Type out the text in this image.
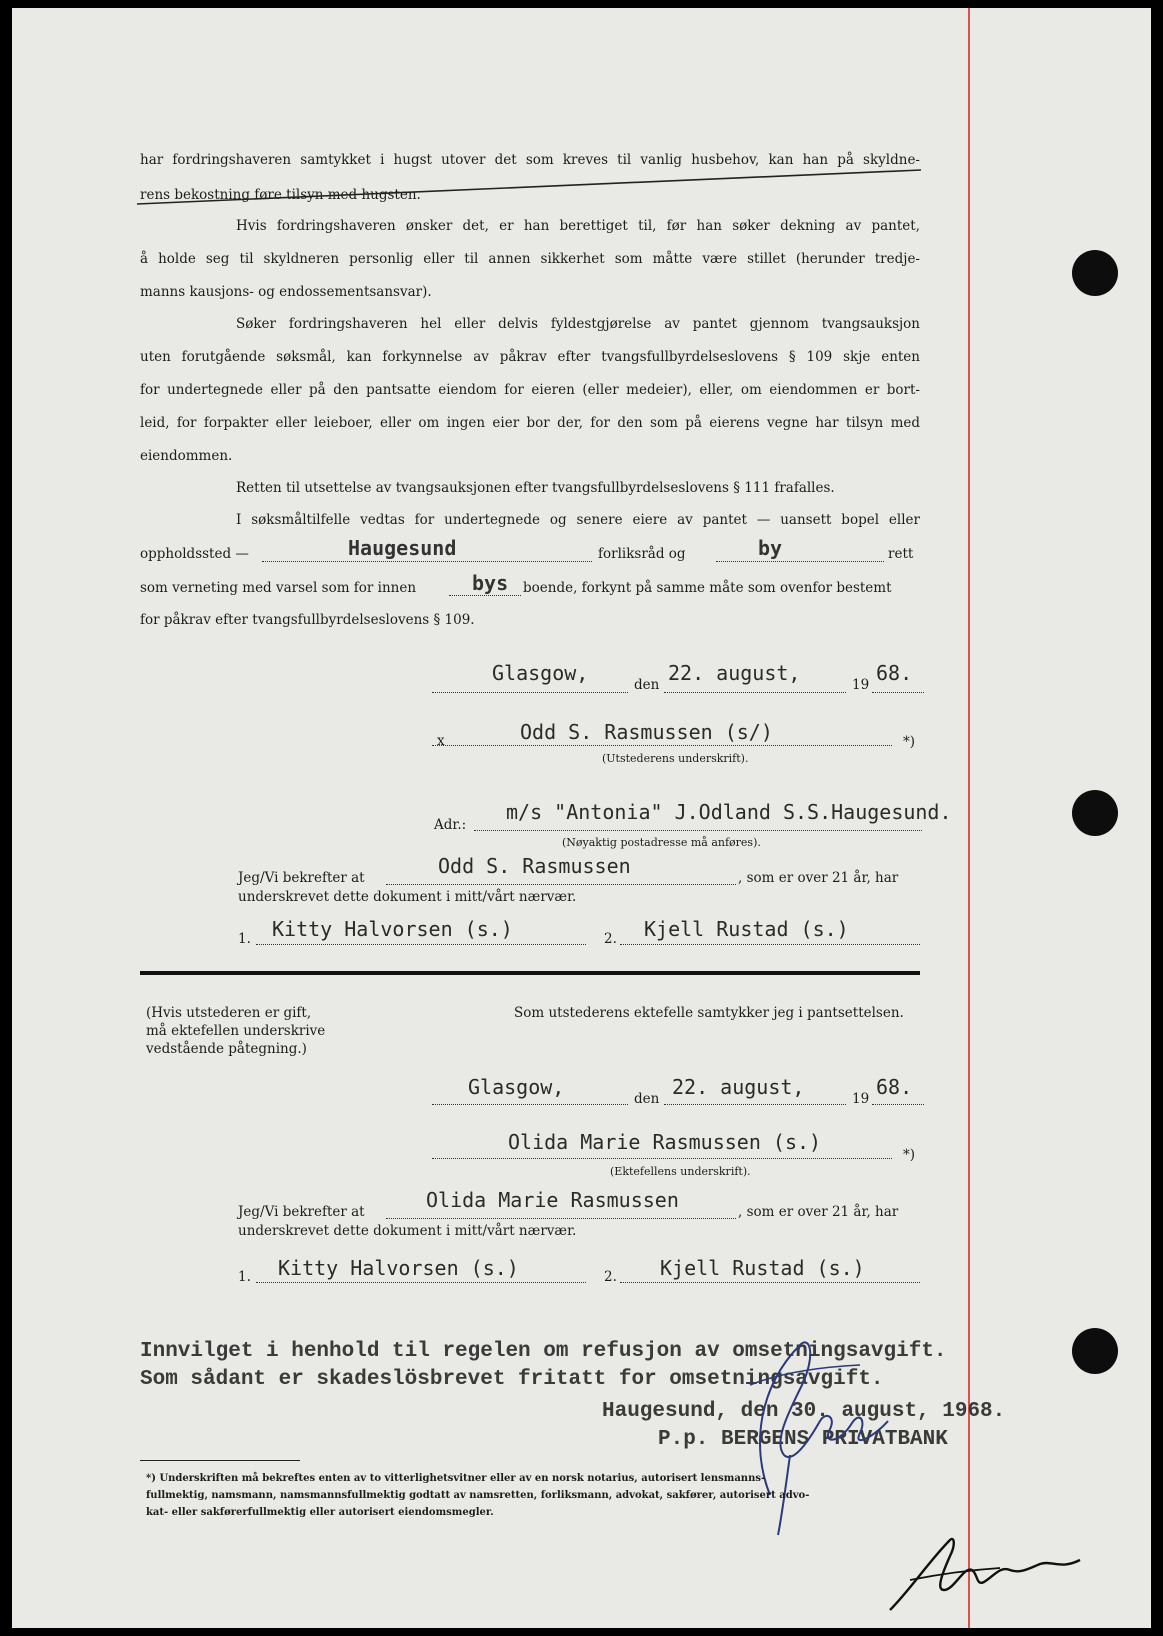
har fordringshaveren samtykket i hugst utover det som kreves til vanlig husbehov, kan han på skyldne-
rens bekostning føre tilsyn med hugsten.
Hvis fordringshaveren ønsker det, er han berettiget til, før han søker dekning av pantet,
å holde seg til skyldneren personlig eller til annen sikkerhet som måtte være stillet (herunder tredje-
manns kausjons- og endossementsansvar).
Søker fordringshaveren hel eller delvis fyldestgjørelse av pantet gjennom tvangsauksjon
uten forutgående søksmål, kan forkynnelse av påkrav efter tvangsfullbyrdelseslovens § 109 skje enten
for undertegnede eller på den pantsatte eiendom for eieren (eller medeier), eller, om eiendommen er bort-
leid, for forpakter eller leieboer, eller om ingen eier bor der, for den som på eierens vegne har tilsyn med
eiendommen.
Retten til utsettelse av tvangsauksjonen efter tvangsfullbyrdelseslovens § 111 frafalles.
I søksmåltilfelle vedtas for undertegnede og senere eiere av pantet — uansett bopel eller
oppholdssted —	Haugesund	forliksråd og	by	rett
som verneting med varsel som for innen	bys boende, forkynt på samme måte som ovenfor bestemt
for påkrav efter tvangsfullbyrdelseslovens § 109.
Glasgow,	den 22. august,	19 68.
x	Odd S. Rasmussen (s/)	*)
(Utstederens underskrift).
Adr.:
m/s "Antonia" J.Odland S.S.Haugesund.
(Nøyaktig postadresse må anføres).
Jeg/Vi bekrefter at	Odd S. Rasmussen	, som er over 21 år, har
underskrevet dette dokument i mitt/vårt nærvær.
1. Kitty Halvorsen (s.)	2. Kjell Rustad (s.)
(Hvis utstederen er gift,
må ektefellen underskrive
vedstående påtegning.)
Som utstederens ektefelle samtykker jeg i pantsettelsen.
Glasgow,	den 22. august,	19 68.
Olida Marie Rasmussen (s.)
*)
(Ektefellens underskrift).
Jeg/Vi bekrefter at	Olida Marie Rasmussen	, som er over 21 år, har
underskrevet dette dokument i mitt/vårt nærvær.
1. Kitty Halvorsen (s.)	2. Kjell Rustad (s.)
Innvilget i henhold til regelen om refusjon av omsetningsavgift.
Som sådant er skadeslösbrevet fritatt for omsetningsavgift.
Haugesund, den 30. august, 1968.
P.p. BERGENS PRIVATBANK
*) Underskriften må bekreftes enten av to vitterlighetsvitner eller av en norsk notarius, autorisert lensmanns-
fullmektig, namsmann, namsmannsfullmektig godtatt av namsretten, forliksmann, advokat, sakfører, autorisert advo-
kat- eller sakførerfullmektig eller autorisert eiendomsmegler.
